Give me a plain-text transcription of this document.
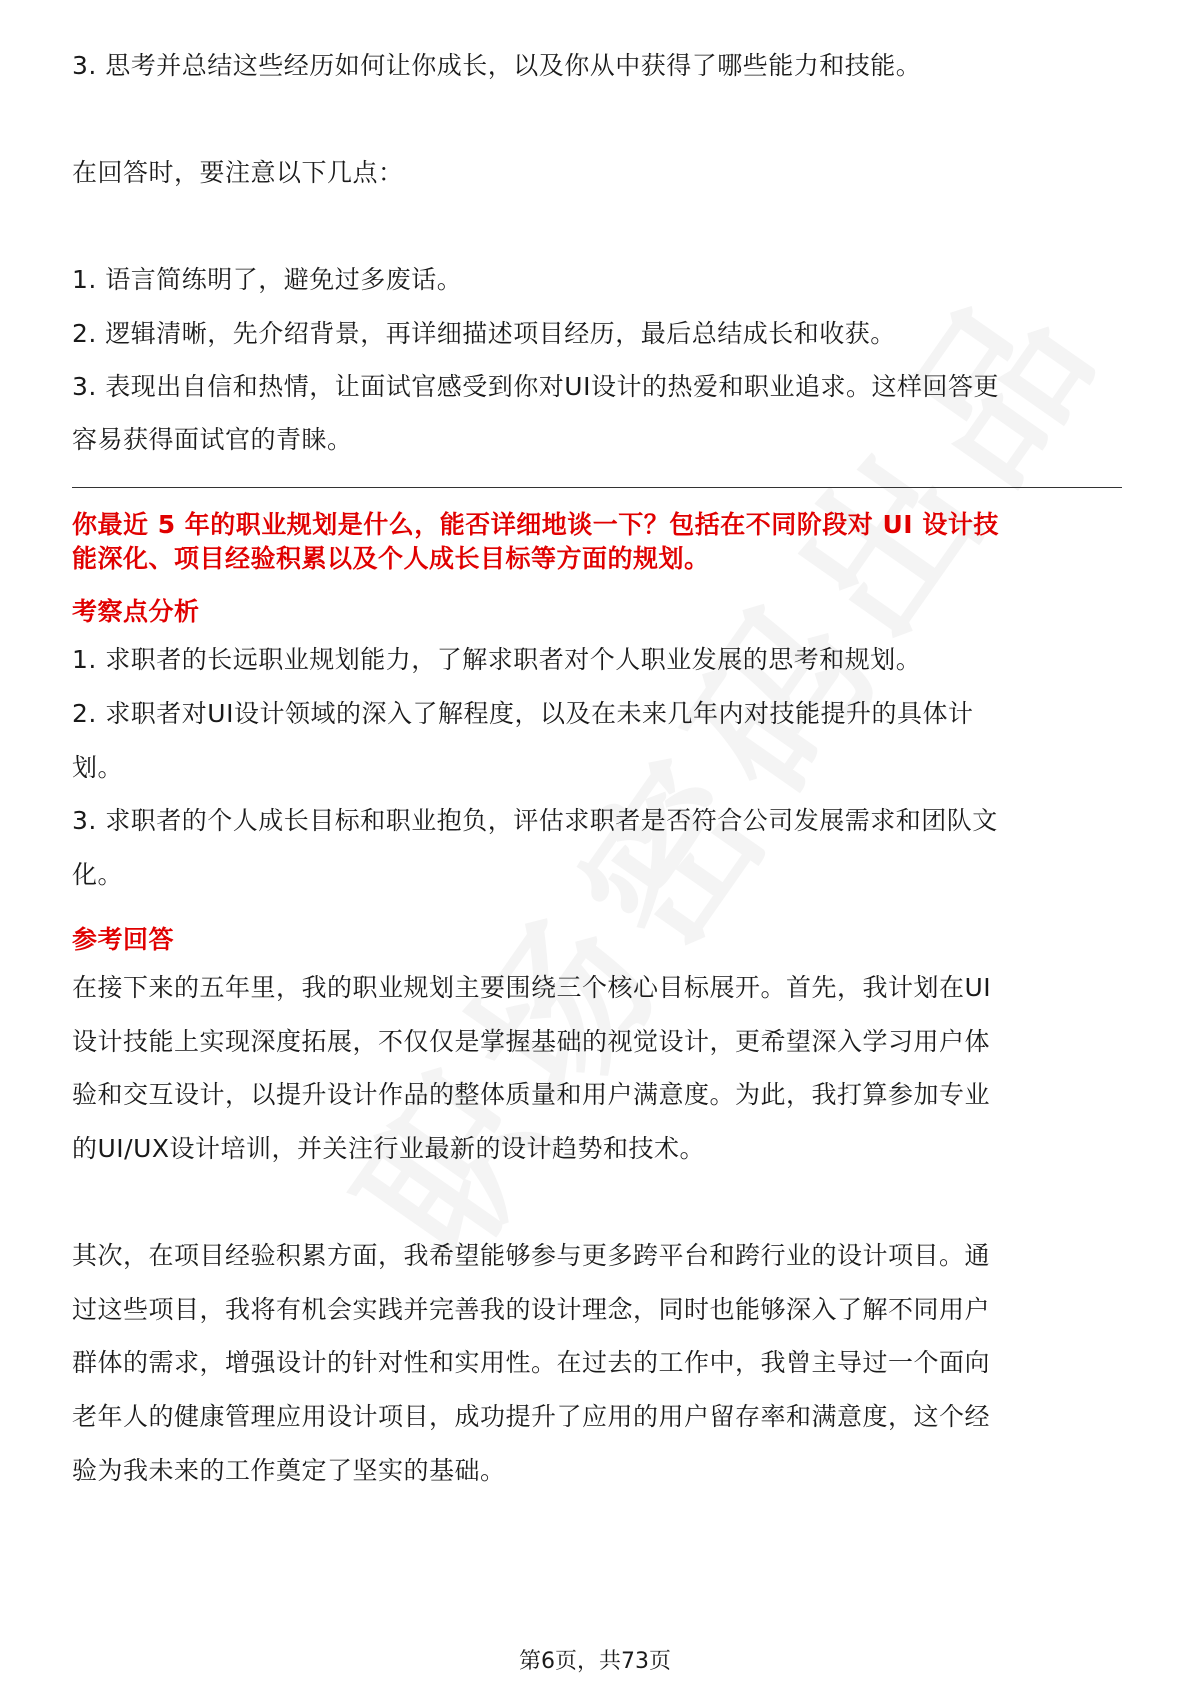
3. 思考并总结这些经历如何让你成长，以及你从中获得了哪些能力和技能。
在回答时，要注意以下几点：
1. 语言简练明了，避免过多废话。
2. 逻辑清晰，先介绍背景，再详细描述项目经历，最后总结成长和收获。
3. 表现出自信和热情，让面试官感受到你对UI设计的热爱和职业追求。这样回答更
容易获得面试官的青睐。
你最近 5 年的职业规划是什么，能否详细地谈一下？包括在不同阶段对 UI 设计技
能深化、项目经验积累以及个人成长目标等方面的规划。
考察点分析
1. 求职者的长远职业规划能力，了解求职者对个人职业发展的思考和规划。
2. 求职者对UI设计领域的深入了解程度，以及在未来几年内对技能提升的具体计
划。
3. 求职者的个人成长目标和职业抱负，评估求职者是否符合公司发展需求和团队文
化。
参考回答
在接下来的五年里，我的职业规划主要围绕三个核心目标展开。首先，我计划在UI
设计技能上实现深度拓展，不仅仅是掌握基础的视觉设计，更希望深入学习用户体
验和交互设计，以提升设计作品的整体质量和用户满意度。为此，我打算参加专业
的UI/UX设计培训，并关注行业最新的设计趋势和技术。
其次，在项目经验积累方面，我希望能够参与更多跨平台和跨行业的设计项目。通
过这些项目，我将有机会实践并完善我的设计理念，同时也能够深入了解不同用户
群体的需求，增强设计的针对性和实用性。在过去的工作中，我曾主导过一个面向
老年人的健康管理应用设计项目，成功提升了应用的用户留存率和满意度，这个经
验为我未来的工作奠定了坚实的基础。
第6页，共73页
